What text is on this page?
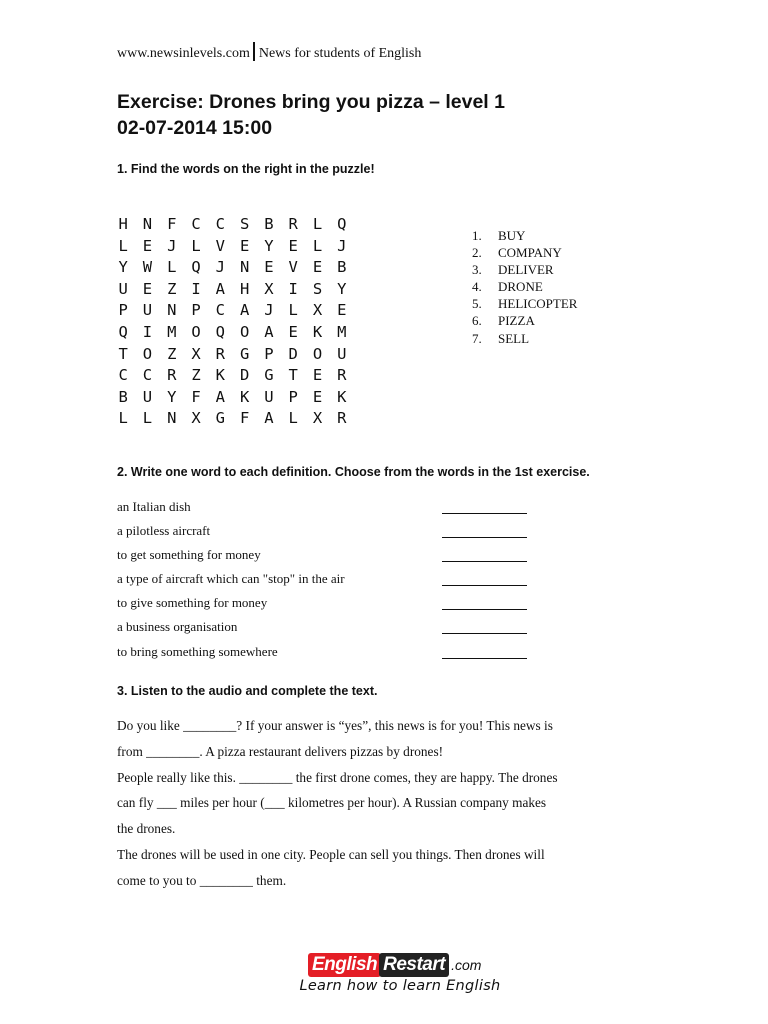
www.newsinlevels.com News for students of English
Exercise: Drones bring you pizza – level 1
02-07-2014 15:00
1. Find the words on the right in the puzzle!
H N F C C S B R L Q
L E J L V E Y E L J
Y W L Q J N E V E B
U E Z I A H X I S Y
P U N P C A J L X E
Q I M O Q O A E K M
T O Z X R G P D O U
C C R Z K D G T E R
B U Y F A K U P E K
L L N X G F A L X R
1. BUY
2. COMPANY
3. DELIVER
4. DRONE
5. HELICOPTER
6. PIZZA
7. SELL
2. Write one word to each definition. Choose from the words in the 1st exercise.
an Italian dish
a pilotless aircraft
to get something for money
a type of aircraft which can "stop" in the air
to give something for money
a business organisation
to bring something somewhere
3. Listen to the audio and complete the text.

Do you like ________? If your answer is “yes”, this news is for you! This news is

from ________. A pizza restaurant delivers pizzas by drones!

People really like this. ________ the first drone comes, they are happy. The drones

can fly ___ miles per hour (___ kilometres per hour). A Russian company makes

the drones.

The drones will be used in one city. People can sell you things. Then drones will

come to you to ________ them.

English Restart .com
Learn how to learn English
